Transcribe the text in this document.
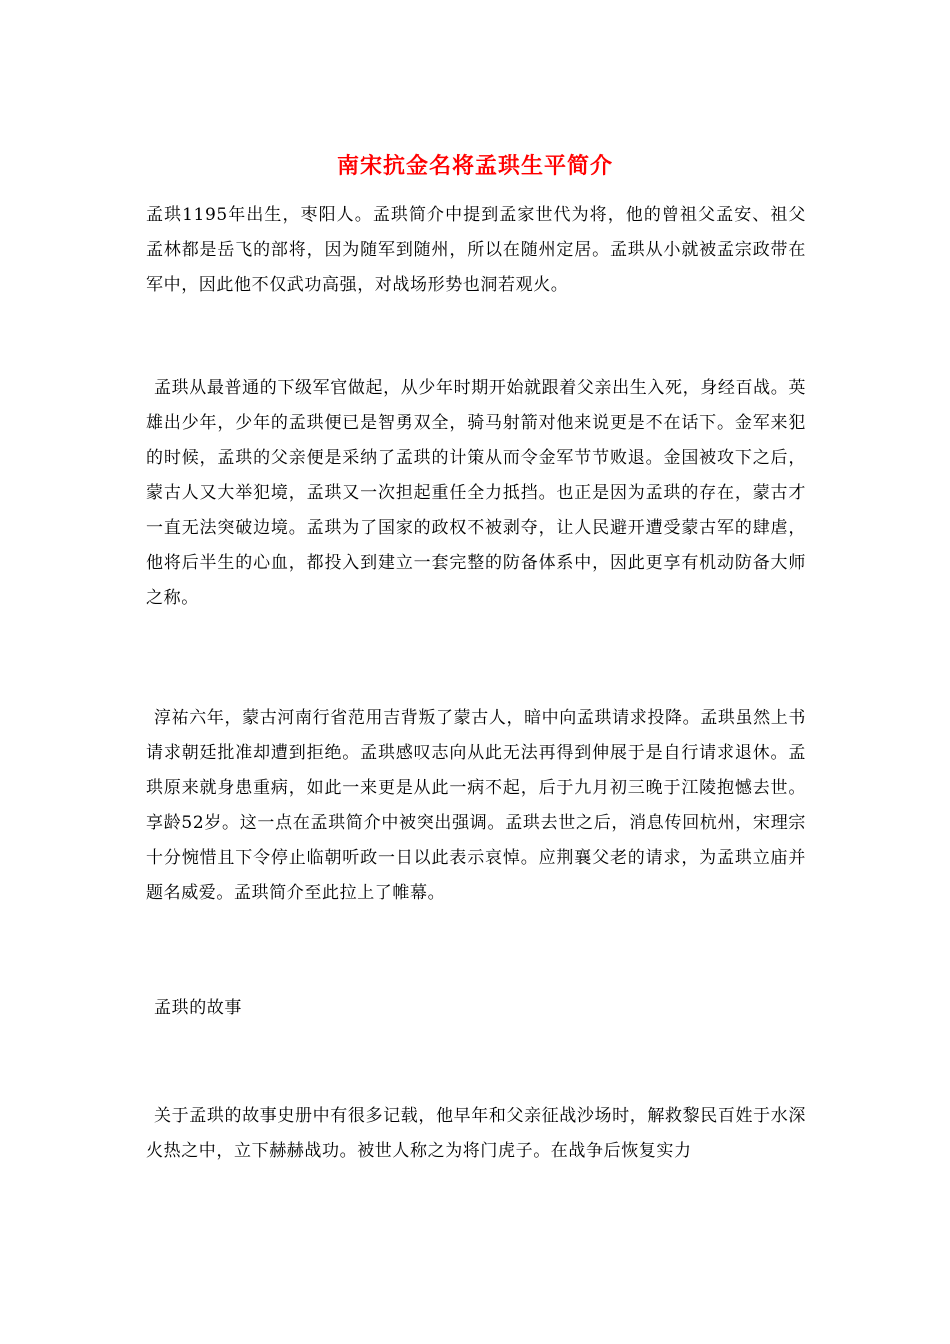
南宋抗金名将孟珙生平简介
孟珙1195年出生，枣阳人。孟珙简介中提到孟家世代为将，他的曾祖父孟安、祖父孟林都是岳飞的部将，因为随军到随州，所以在随州定居。孟珙从小就被孟宗政带在军中，因此他不仅武功高强，对战场形势也洞若观火。
孟珙从最普通的下级军官做起，从少年时期开始就跟着父亲出生入死，身经百战。英雄出少年，少年的孟珙便已是智勇双全，骑马射箭对他来说更是不在话下。金军来犯的时候，孟珙的父亲便是采纳了孟珙的计策从而令金军节节败退。金国被攻下之后，蒙古人又大举犯境，孟珙又一次担起重任全力抵挡。也正是因为孟珙的存在，蒙古才一直无法突破边境。孟珙为了国家的政权不被剥夺，让人民避开遭受蒙古军的肆虐，他将后半生的心血，都投入到建立一套完整的防备体系中，因此更享有机动防备大师之称。
淳祐六年，蒙古河南行省范用吉背叛了蒙古人，暗中向孟珙请求投降。孟珙虽然上书请求朝廷批准却遭到拒绝。孟珙感叹志向从此无法再得到伸展于是自行请求退休。孟珙原来就身患重病，如此一来更是从此一病不起，后于九月初三晚于江陵抱憾去世。享龄52岁。这一点在孟珙简介中被突出强调。孟珙去世之后，消息传回杭州，宋理宗十分惋惜且下令停止临朝听政一日以此表示哀悼。应荆襄父老的请求，为孟珙立庙并题名威爱。孟珙简介至此拉上了帷幕。
孟珙的故事
关于孟珙的故事史册中有很多记载，他早年和父亲征战沙场时，解救黎民百姓于水深火热之中，立下赫赫战功。被世人称之为将门虎子。在战争后恢复实力
